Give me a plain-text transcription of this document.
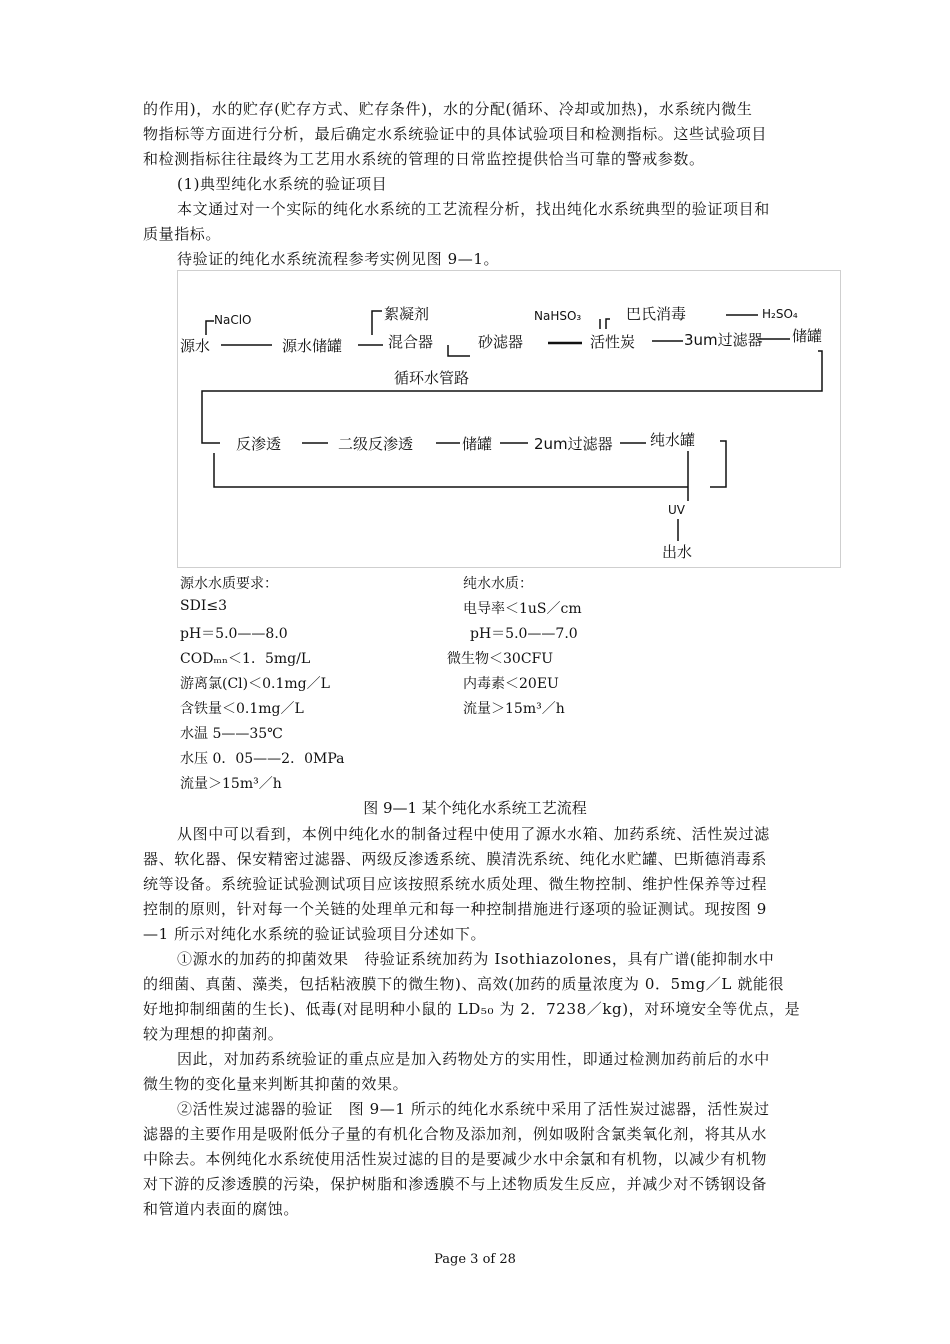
的作用)，水的贮存(贮存方式、贮存条件)，水的分配(循环、冷却或加热)，水系统内微生
物指标等方面进行分析，最后确定水系统验证中的具体试验项目和检测指标。这些试验项目
和检测指标往往最终为工艺用水系统的管理的日常监控提供恰当可靠的警戒参数。
(1)典型纯化水系统的验证项目
本文通过对一个实际的纯化水系统的工艺流程分析，找出纯化水系统典型的验证项目和
质量指标。
待验证的纯化水系统流程参考实例见图 9—1。
NaClO
源水	源水储罐
絮凝剂
混合器	砂滤器
NaHSO₃
活性炭
巴氏消毒	H₂SO₄
3um过滤器 储罐
循环水管路
反渗透	二级反渗透	储罐	2um过滤器 纯水罐
UV
出水
源水水质要求：
SDI≤3
pH＝5.0——8.0
CODₘₙ＜1．5mg/L
游离氯(Cl)＜0.1mg／L
含铁量＜0.1mg／L
水温 5——35℃
水压 0．05——2．0MPa
流量＞15m³／h
纯水水质：
电导率＜1uS／cm
pH＝5.0——7.0
微生物＜30CFU
内毒素＜20EU
流量＞15m³／h
图 9—1 某个纯化水系统工艺流程
从图中可以看到，本例中纯化水的制备过程中使用了源水水箱、加药系统、活性炭过滤
器、软化器、保安精密过滤器、两级反渗透系统、膜清洗系统、纯化水贮罐、巴斯德消毒系
统等设备。系统验证试验测试项目应该按照系统水质处理、微生物控制、维护性保养等过程
控制的原则，针对每一个关链的处理单元和每一种控制措施进行逐项的验证测试。现按图 9
—1 所示对纯化水系统的验证试验项目分述如下。
①源水的加药的抑菌效果　待验证系统加药为 Isothiazolones，具有广谱(能抑制水中
的细菌、真菌、藻类，包括粘液膜下的微生物)、高效(加药的质量浓度为 0．5mg／L 就能很
好地抑制细菌的生长)、低毒(对昆明种小鼠的 LD₅₀ 为 2．7238／kg)，对环境安全等优点，是
较为理想的抑菌剂。
因此，对加药系统验证的重点应是加入药物处方的实用性，即通过检测加药前后的水中
微生物的变化量来判断其抑菌的效果。
②活性炭过滤器的验证　图 9—1 所示的纯化水系统中采用了活性炭过滤器，活性炭过
滤器的主要作用是吸附低分子量的有机化合物及添加剂，例如吸附含氯类氧化剂，将其从水
中除去。本例纯化水系统使用活性炭过滤的目的是要减少水中余氯和有机物，以减少有机物
对下游的反渗透膜的污染，保护树脂和渗透膜不与上述物质发生反应，并减少对不锈钢设备
和管道内表面的腐蚀。
Page 3 of 28
